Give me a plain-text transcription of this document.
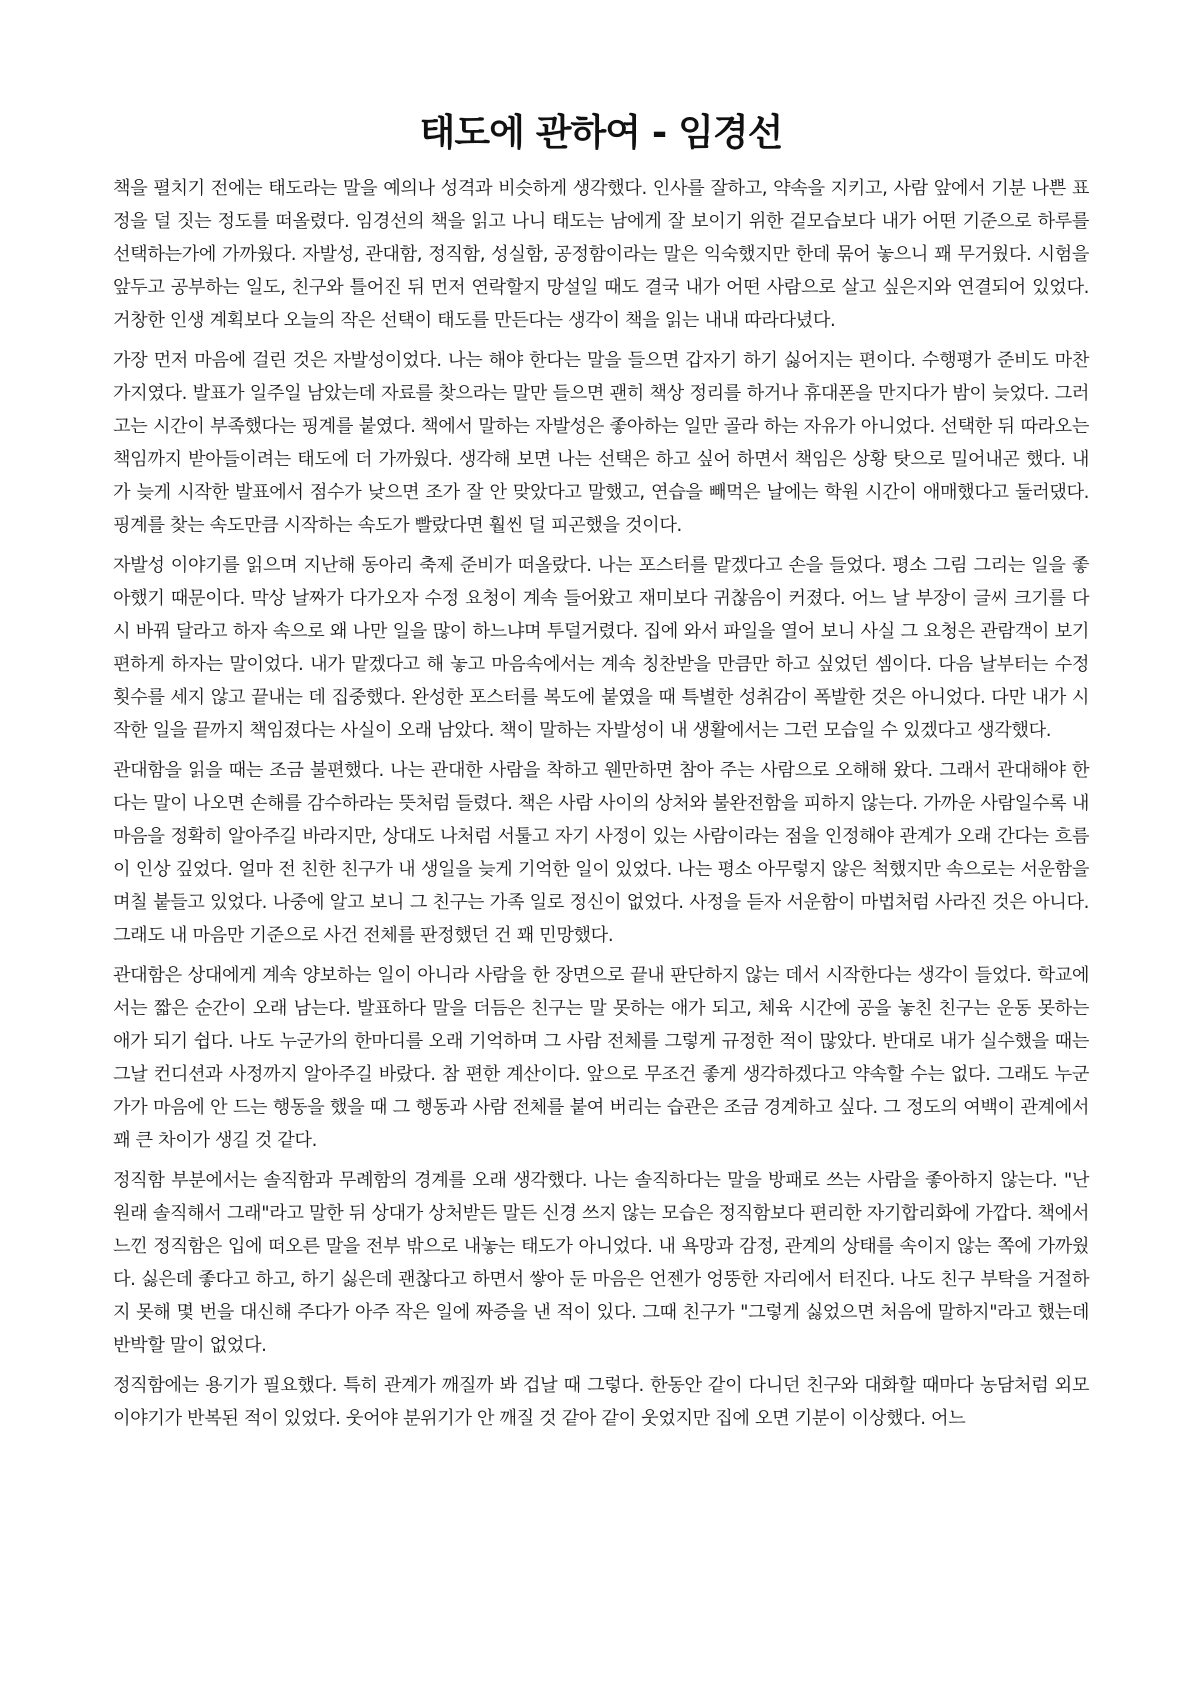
태도에 관하여 - 임경선

책을 펼치기 전에는 태도라는 말을 예의나 성격과 비슷하게 생각했다. 인사를 잘하고, 약속을 지키고, 사람 앞에서 기분 나쁜 표정을 덜 짓는 정도를 떠올렸다. 임경선의 책을 읽고 나니 태도는 남에게 잘 보이기 위한 겉모습보다 내가 어떤 기준으로 하루를 선택하는가에 가까웠다. 자발성, 관대함, 정직함, 성실함, 공정함이라는 말은 익숙했지만 한데 묶어 놓으니 꽤 무거웠다. 시험을 앞두고 공부하는 일도, 친구와 틀어진 뒤 먼저 연락할지 망설일 때도 결국 내가 어떤 사람으로 살고 싶은지와 연결되어 있었다. 거창한 인생 계획보다 오늘의 작은 선택이 태도를 만든다는 생각이 책을 읽는 내내 따라다녔다.

가장 먼저 마음에 걸린 것은 자발성이었다. 나는 해야 한다는 말을 들으면 갑자기 하기 싫어지는 편이다. 수행평가 준비도 마찬가지였다. 발표가 일주일 남았는데 자료를 찾으라는 말만 들으면 괜히 책상 정리를 하거나 휴대폰을 만지다가 밤이 늦었다. 그러고는 시간이 부족했다는 핑계를 붙였다. 책에서 말하는 자발성은 좋아하는 일만 골라 하는 자유가 아니었다. 선택한 뒤 따라오는 책임까지 받아들이려는 태도에 더 가까웠다. 생각해 보면 나는 선택은 하고 싶어 하면서 책임은 상황 탓으로 밀어내곤 했다. 내가 늦게 시작한 발표에서 점수가 낮으면 조가 잘 안 맞았다고 말했고, 연습을 빼먹은 날에는 학원 시간이 애매했다고 둘러댔다. 핑계를 찾는 속도만큼 시작하는 속도가 빨랐다면 훨씬 덜 피곤했을 것이다.

자발성 이야기를 읽으며 지난해 동아리 축제 준비가 떠올랐다. 나는 포스터를 맡겠다고 손을 들었다. 평소 그림 그리는 일을 좋아했기 때문이다. 막상 날짜가 다가오자 수정 요청이 계속 들어왔고 재미보다 귀찮음이 커졌다. 어느 날 부장이 글씨 크기를 다시 바꿔 달라고 하자 속으로 왜 나만 일을 많이 하느냐며 투덜거렸다. 집에 와서 파일을 열어 보니 사실 그 요청은 관람객이 보기 편하게 하자는 말이었다. 내가 맡겠다고 해 놓고 마음속에서는 계속 칭찬받을 만큼만 하고 싶었던 셈이다. 다음 날부터는 수정 횟수를 세지 않고 끝내는 데 집중했다. 완성한 포스터를 복도에 붙였을 때 특별한 성취감이 폭발한 것은 아니었다. 다만 내가 시작한 일을 끝까지 책임졌다는 사실이 오래 남았다. 책이 말하는 자발성이 내 생활에서는 그런 모습일 수 있겠다고 생각했다.

관대함을 읽을 때는 조금 불편했다. 나는 관대한 사람을 착하고 웬만하면 참아 주는 사람으로 오해해 왔다. 그래서 관대해야 한다는 말이 나오면 손해를 감수하라는 뜻처럼 들렸다. 책은 사람 사이의 상처와 불완전함을 피하지 않는다. 가까운 사람일수록 내 마음을 정확히 알아주길 바라지만, 상대도 나처럼 서툴고 자기 사정이 있는 사람이라는 점을 인정해야 관계가 오래 간다는 흐름이 인상 깊었다. 얼마 전 친한 친구가 내 생일을 늦게 기억한 일이 있었다. 나는 평소 아무렇지 않은 척했지만 속으로는 서운함을 며칠 붙들고 있었다. 나중에 알고 보니 그 친구는 가족 일로 정신이 없었다. 사정을 듣자 서운함이 마법처럼 사라진 것은 아니다. 그래도 내 마음만 기준으로 사건 전체를 판정했던 건 꽤 민망했다.

관대함은 상대에게 계속 양보하는 일이 아니라 사람을 한 장면으로 끝내 판단하지 않는 데서 시작한다는 생각이 들었다. 학교에서는 짧은 순간이 오래 남는다. 발표하다 말을 더듬은 친구는 말 못하는 애가 되고, 체육 시간에 공을 놓친 친구는 운동 못하는 애가 되기 쉽다. 나도 누군가의 한마디를 오래 기억하며 그 사람 전체를 그렇게 규정한 적이 많았다. 반대로 내가 실수했을 때는 그날 컨디션과 사정까지 알아주길 바랐다. 참 편한 계산이다. 앞으로 무조건 좋게 생각하겠다고 약속할 수는 없다. 그래도 누군가가 마음에 안 드는 행동을 했을 때 그 행동과 사람 전체를 붙여 버리는 습관은 조금 경계하고 싶다. 그 정도의 여백이 관계에서 꽤 큰 차이가 생길 것 같다.

정직함 부분에서는 솔직함과 무례함의 경계를 오래 생각했다. 나는 솔직하다는 말을 방패로 쓰는 사람을 좋아하지 않는다. "난 원래 솔직해서 그래"라고 말한 뒤 상대가 상처받든 말든 신경 쓰지 않는 모습은 정직함보다 편리한 자기합리화에 가깝다. 책에서 느낀 정직함은 입에 떠오른 말을 전부 밖으로 내놓는 태도가 아니었다. 내 욕망과 감정, 관계의 상태를 속이지 않는 쪽에 가까웠다. 싫은데 좋다고 하고, 하기 싫은데 괜찮다고 하면서 쌓아 둔 마음은 언젠가 엉뚱한 자리에서 터진다. 나도 친구 부탁을 거절하지 못해 몇 번을 대신해 주다가 아주 작은 일에 짜증을 낸 적이 있다. 그때 친구가 "그렇게 싫었으면 처음에 말하지"라고 했는데 반박할 말이 없었다.

정직함에는 용기가 필요했다. 특히 관계가 깨질까 봐 겁날 때 그렇다. 한동안 같이 다니던 친구와 대화할 때마다 농담처럼 외모 이야기가 반복된 적이 있었다. 웃어야 분위기가 안 깨질 것 같아 같이 웃었지만 집에 오면 기분이 이상했다. 어느
